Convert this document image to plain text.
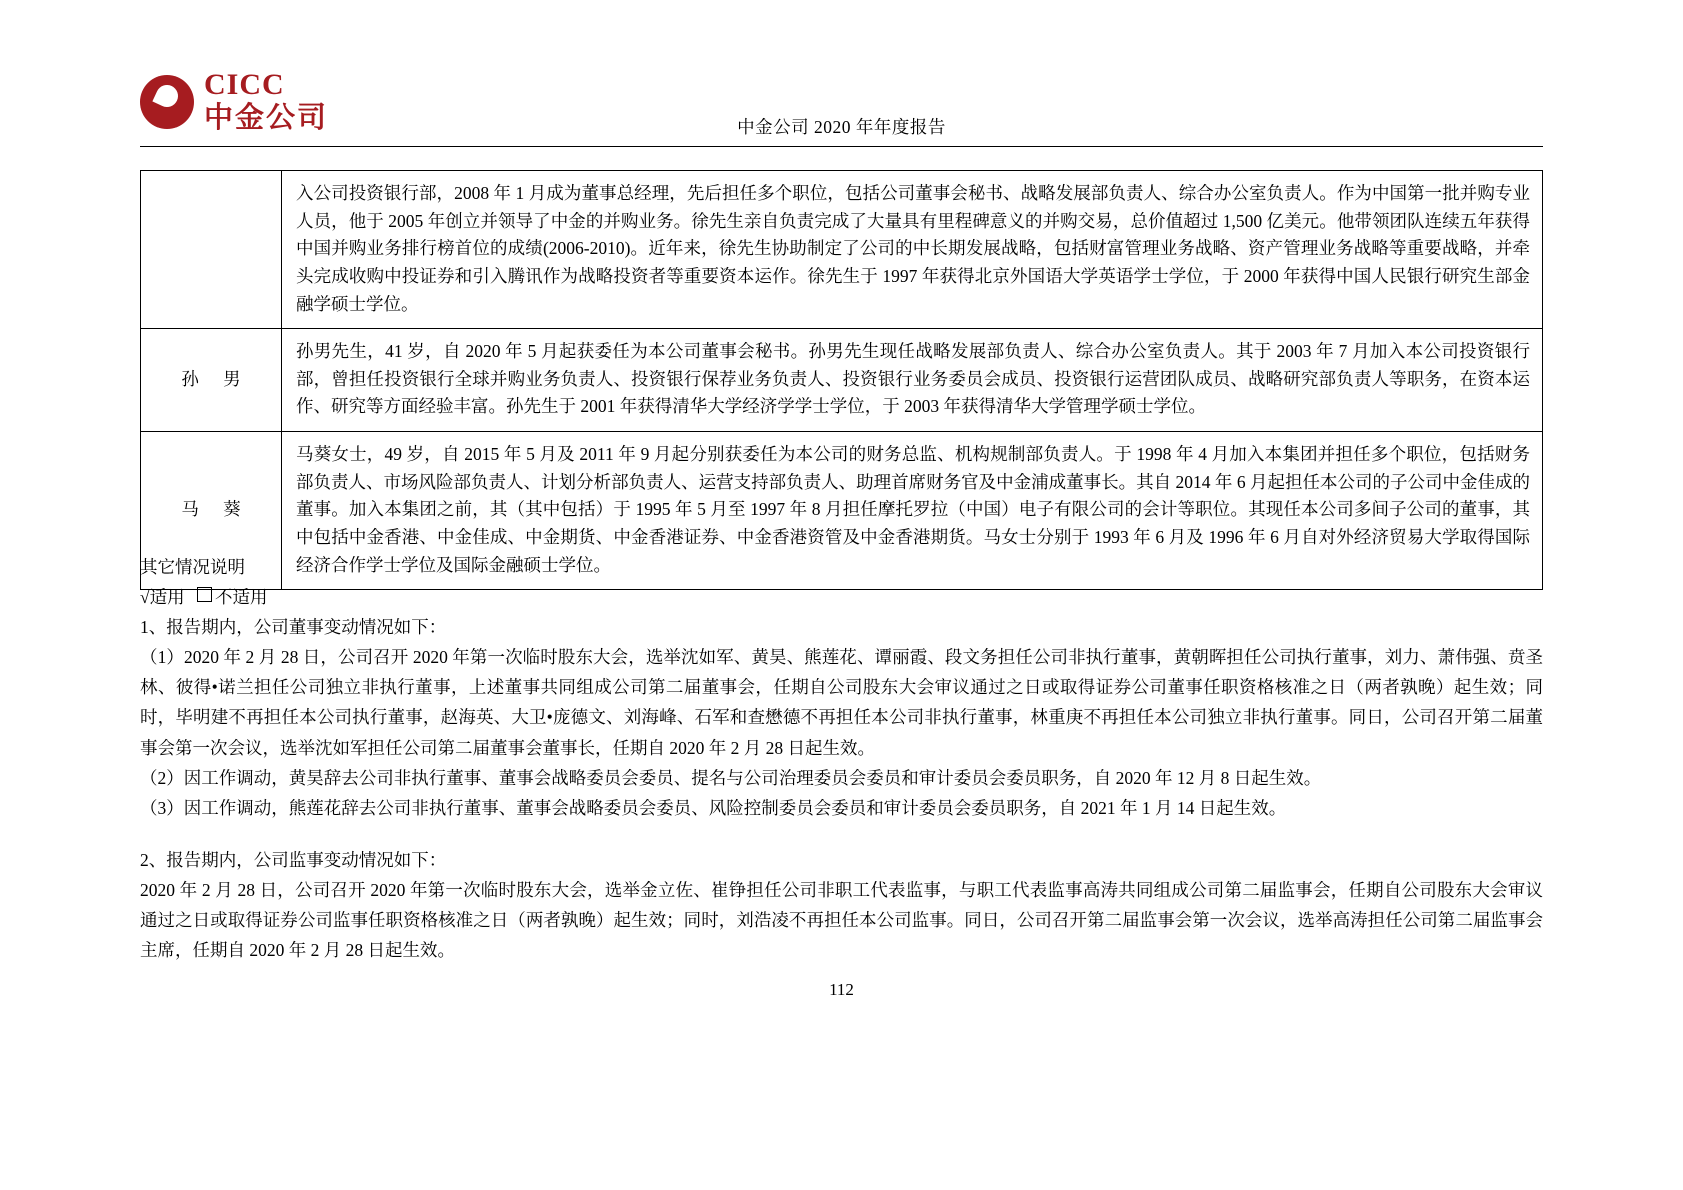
CICC
中金公司	中金公司 2020 年年度报告
	入公司投资银行部，2008 年 1 月成为董事总经理，先后担任多个职位，包括公司董事会秘书、战略发展部负责人、综合办公室负责人。作为中国第一批并购专业人员，他于 2005 年创立并领导了中金的并购业务。徐先生亲自负责完成了大量具有里程碑意义的并购交易，总价值超过 1,500 亿美元。他带领团队连续五年获得中国并购业务排行榜首位的成绩(2006-2010)。近年来，徐先生协助制定了公司的中长期发展战略，包括财富管理业务战略、资产管理业务战略等重要战略，并牵头完成收购中投证券和引入腾讯作为战略投资者等重要资本运作。徐先生于 1997 年获得北京外国语大学英语学士学位，于 2000 年获得中国人民银行研究生部金融学硕士学位。
孙 男	孙男先生，41 岁，自 2020 年 5 月起获委任为本公司董事会秘书。孙男先生现任战略发展部负责人、综合办公室负责人。其于 2003 年 7 月加入本公司投资银行部，曾担任投资银行全球并购业务负责人、投资银行保荐业务负责人、投资银行业务委员会成员、投资银行运营团队成员、战略研究部负责人等职务，在资本运作、研究等方面经验丰富。孙先生于 2001 年获得清华大学经济学学士学位，于 2003 年获得清华大学管理学硕士学位。
马 葵	马葵女士，49 岁，自 2015 年 5 月及 2011 年 9 月起分别获委任为本公司的财务总监、机构规制部负责人。于 1998 年 4 月加入本集团并担任多个职位，包括财务部负责人、市场风险部负责人、计划分析部负责人、运营支持部负责人、助理首席财务官及中金浦成董事长。其自 2014 年 6 月起担任本公司的子公司中金佳成的董事。加入本集团之前，其（其中包括）于 1995 年 5 月至 1997 年 8 月担任摩托罗拉（中国）电子有限公司的会计等职位。其现任本公司多间子公司的董事，其中包括中金香港、中金佳成、中金期货、中金香港证券、中金香港资管及中金香港期货。马女士分别于 1993 年 6 月及 1996 年 6 月自对外经济贸易大学取得国际经济合作学士学位及国际金融硕士学位。

其它情况说明

√适用 不适用

1、报告期内，公司董事变动情况如下：

（1）2020 年 2 月 28 日，公司召开 2020 年第一次临时股东大会，选举沈如军、黄昊、熊莲花、谭丽霞、段文务担任公司非执行董事，黄朝晖担任公司执行董事，刘力、萧伟强、贲圣林、彼得•诺兰担任公司独立非执行董事，上述董事共同组成公司第二届董事会，任期自公司股东大会审议通过之日或取得证券公司董事任职资格核准之日（两者孰晚）起生效；同时，毕明建不再担任本公司执行董事，赵海英、大卫•庞德文、刘海峰、石军和查懋德不再担任本公司非执行董事，林重庚不再担任本公司独立非执行董事。同日，公司召开第二届董事会第一次会议，选举沈如军担任公司第二届董事会董事长，任期自 2020 年 2 月 28 日起生效。

（2）因工作调动，黄昊辞去公司非执行董事、董事会战略委员会委员、提名与公司治理委员会委员和审计委员会委员职务，自 2020 年 12 月 8 日起生效。

（3）因工作调动，熊莲花辞去公司非执行董事、董事会战略委员会委员、风险控制委员会委员和审计委员会委员职务，自 2021 年 1 月 14 日起生效。

2、报告期内，公司监事变动情况如下：

2020 年 2 月 28 日，公司召开 2020 年第一次临时股东大会，选举金立佐、崔铮担任公司非职工代表监事，与职工代表监事高涛共同组成公司第二届监事会，任期自公司股东大会审议通过之日或取得证券公司监事任职资格核准之日（两者孰晚）起生效；同时，刘浩凌不再担任本公司监事。同日，公司召开第二届监事会第一次会议，选举高涛担任公司第二届监事会主席，任期自 2020 年 2 月 28 日起生效。

112
